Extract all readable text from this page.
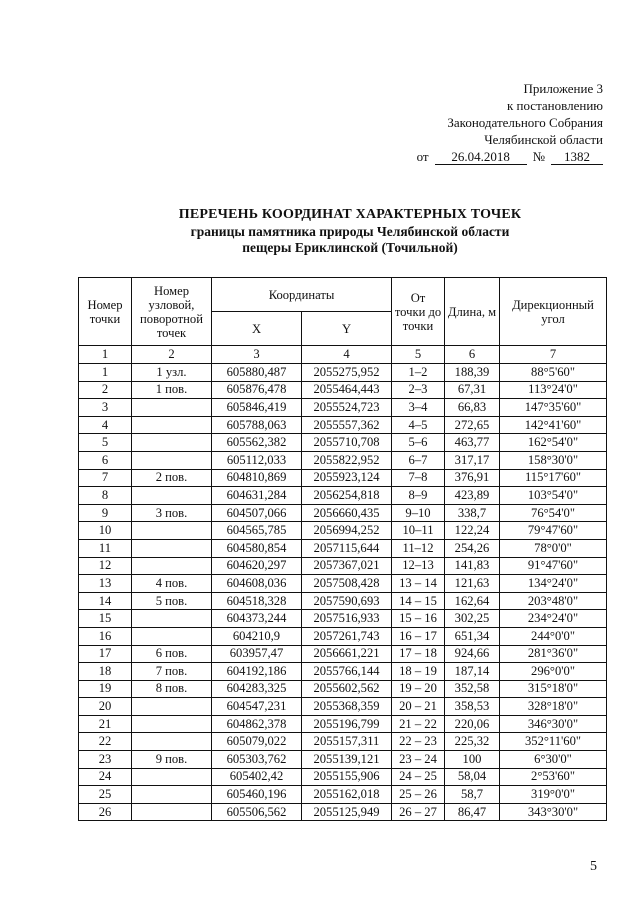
Приложение 3
к постановлению
Законодательного Собрания
Челябинской области
от 26.04.2018 № 1382
ПЕРЕЧЕНЬ КООРДИНАТ ХАРАКТЕРНЫХ ТОЧЕК
границы памятника природы Челябинской области
пещеры Ериклинской (Точильной)
Номер точки	Номер узловой, поворотной точек	Координаты		От точки до точки	Длина, м	Дирекционный угол
		X	Y			
1	2	3	4	5	6	7
1	1 узл.	605880,487	2055275,952	1–2	188,39	88°5'60"
2	1 пов.	605876,478	2055464,443	2–3	67,31	113°24'0"
3		605846,419	2055524,723	3–4	66,83	147°35'60"
4		605788,063	2055557,362	4–5	272,65	142°41'60"
5		605562,382	2055710,708	5–6	463,77	162°54'0"
6		605112,033	2055822,952	6–7	317,17	158°30'0"
7	2 пов.	604810,869	2055923,124	7–8	376,91	115°17'60"
8		604631,284	2056254,818	8–9	423,89	103°54'0"
9	3 пов.	604507,066	2056660,435	9–10	338,7	76°54'0"
10		604565,785	2056994,252	10–11	122,24	79°47'60"
11		604580,854	2057115,644	11–12	254,26	78°0'0"
12		604620,297	2057367,021	12–13	141,83	91°47'60"
13	4 пов.	604608,036	2057508,428	13 – 14	121,63	134°24'0"
14	5 пов.	604518,328	2057590,693	14 – 15	162,64	203°48'0"
15		604373,244	2057516,933	15 – 16	302,25	234°24'0"
16		604210,9	2057261,743	16 – 17	651,34	244°0'0"
17	6 пов.	603957,47	2056661,221	17 – 18	924,66	281°36'0"
18	7 пов.	604192,186	2055766,144	18 – 19	187,14	296°0'0"
19	8 пов.	604283,325	2055602,562	19 – 20	352,58	315°18'0"
20		604547,231	2055368,359	20 – 21	358,53	328°18'0"
21		604862,378	2055196,799	21 – 22	220,06	346°30'0"
22		605079,022	2055157,311	22 – 23	225,32	352°11'60"
23	9 пов.	605303,762	2055139,121	23 – 24	100	6°30'0"
24		605402,42	2055155,906	24 – 25	58,04	2°53'60"
25		605460,196	2055162,018	25 – 26	58,7	319°0'0"
26		605506,562	2055125,949	26 – 27	86,47	343°30'0"
5
